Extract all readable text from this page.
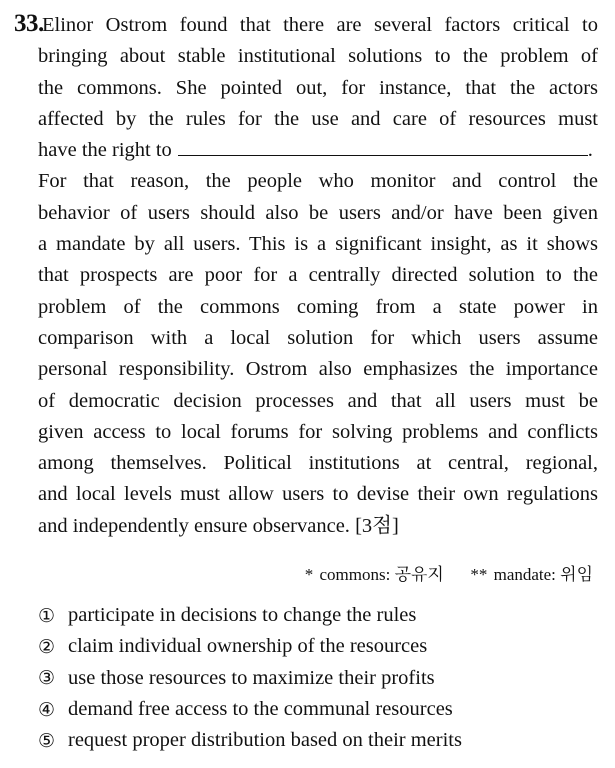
33.
Elinor Ostrom found that there are several factors critical to
bringing about stable institutional solutions to the problem of
the commons. She pointed out, for instance, that the actors
affected by the rules for the use and care of resources must
have the right to	.
For that reason, the people who monitor and control the
behavior of users should also be users and/or have been given
a mandate by all users. This is a significant insight, as it shows
that prospects are poor for a centrally directed solution to the
problem of the commons coming from a state power in
comparison with a local solution for which users assume
personal responsibility. Ostrom also emphasizes the importance
of democratic decision processes and that all users must be
given access to local forums for solving problems and conflicts
among themselves. Political institutions at central, regional,
and local levels must allow users to devise their own regulations
and independently ensure observance. [3점]
* commons: 공유지 ** mandate: 위임
① participate in decisions to change the rules
② claim individual ownership of the resources
③ use those resources to maximize their profits
④ demand free access to the communal resources
⑤ request proper distribution based on their merits
